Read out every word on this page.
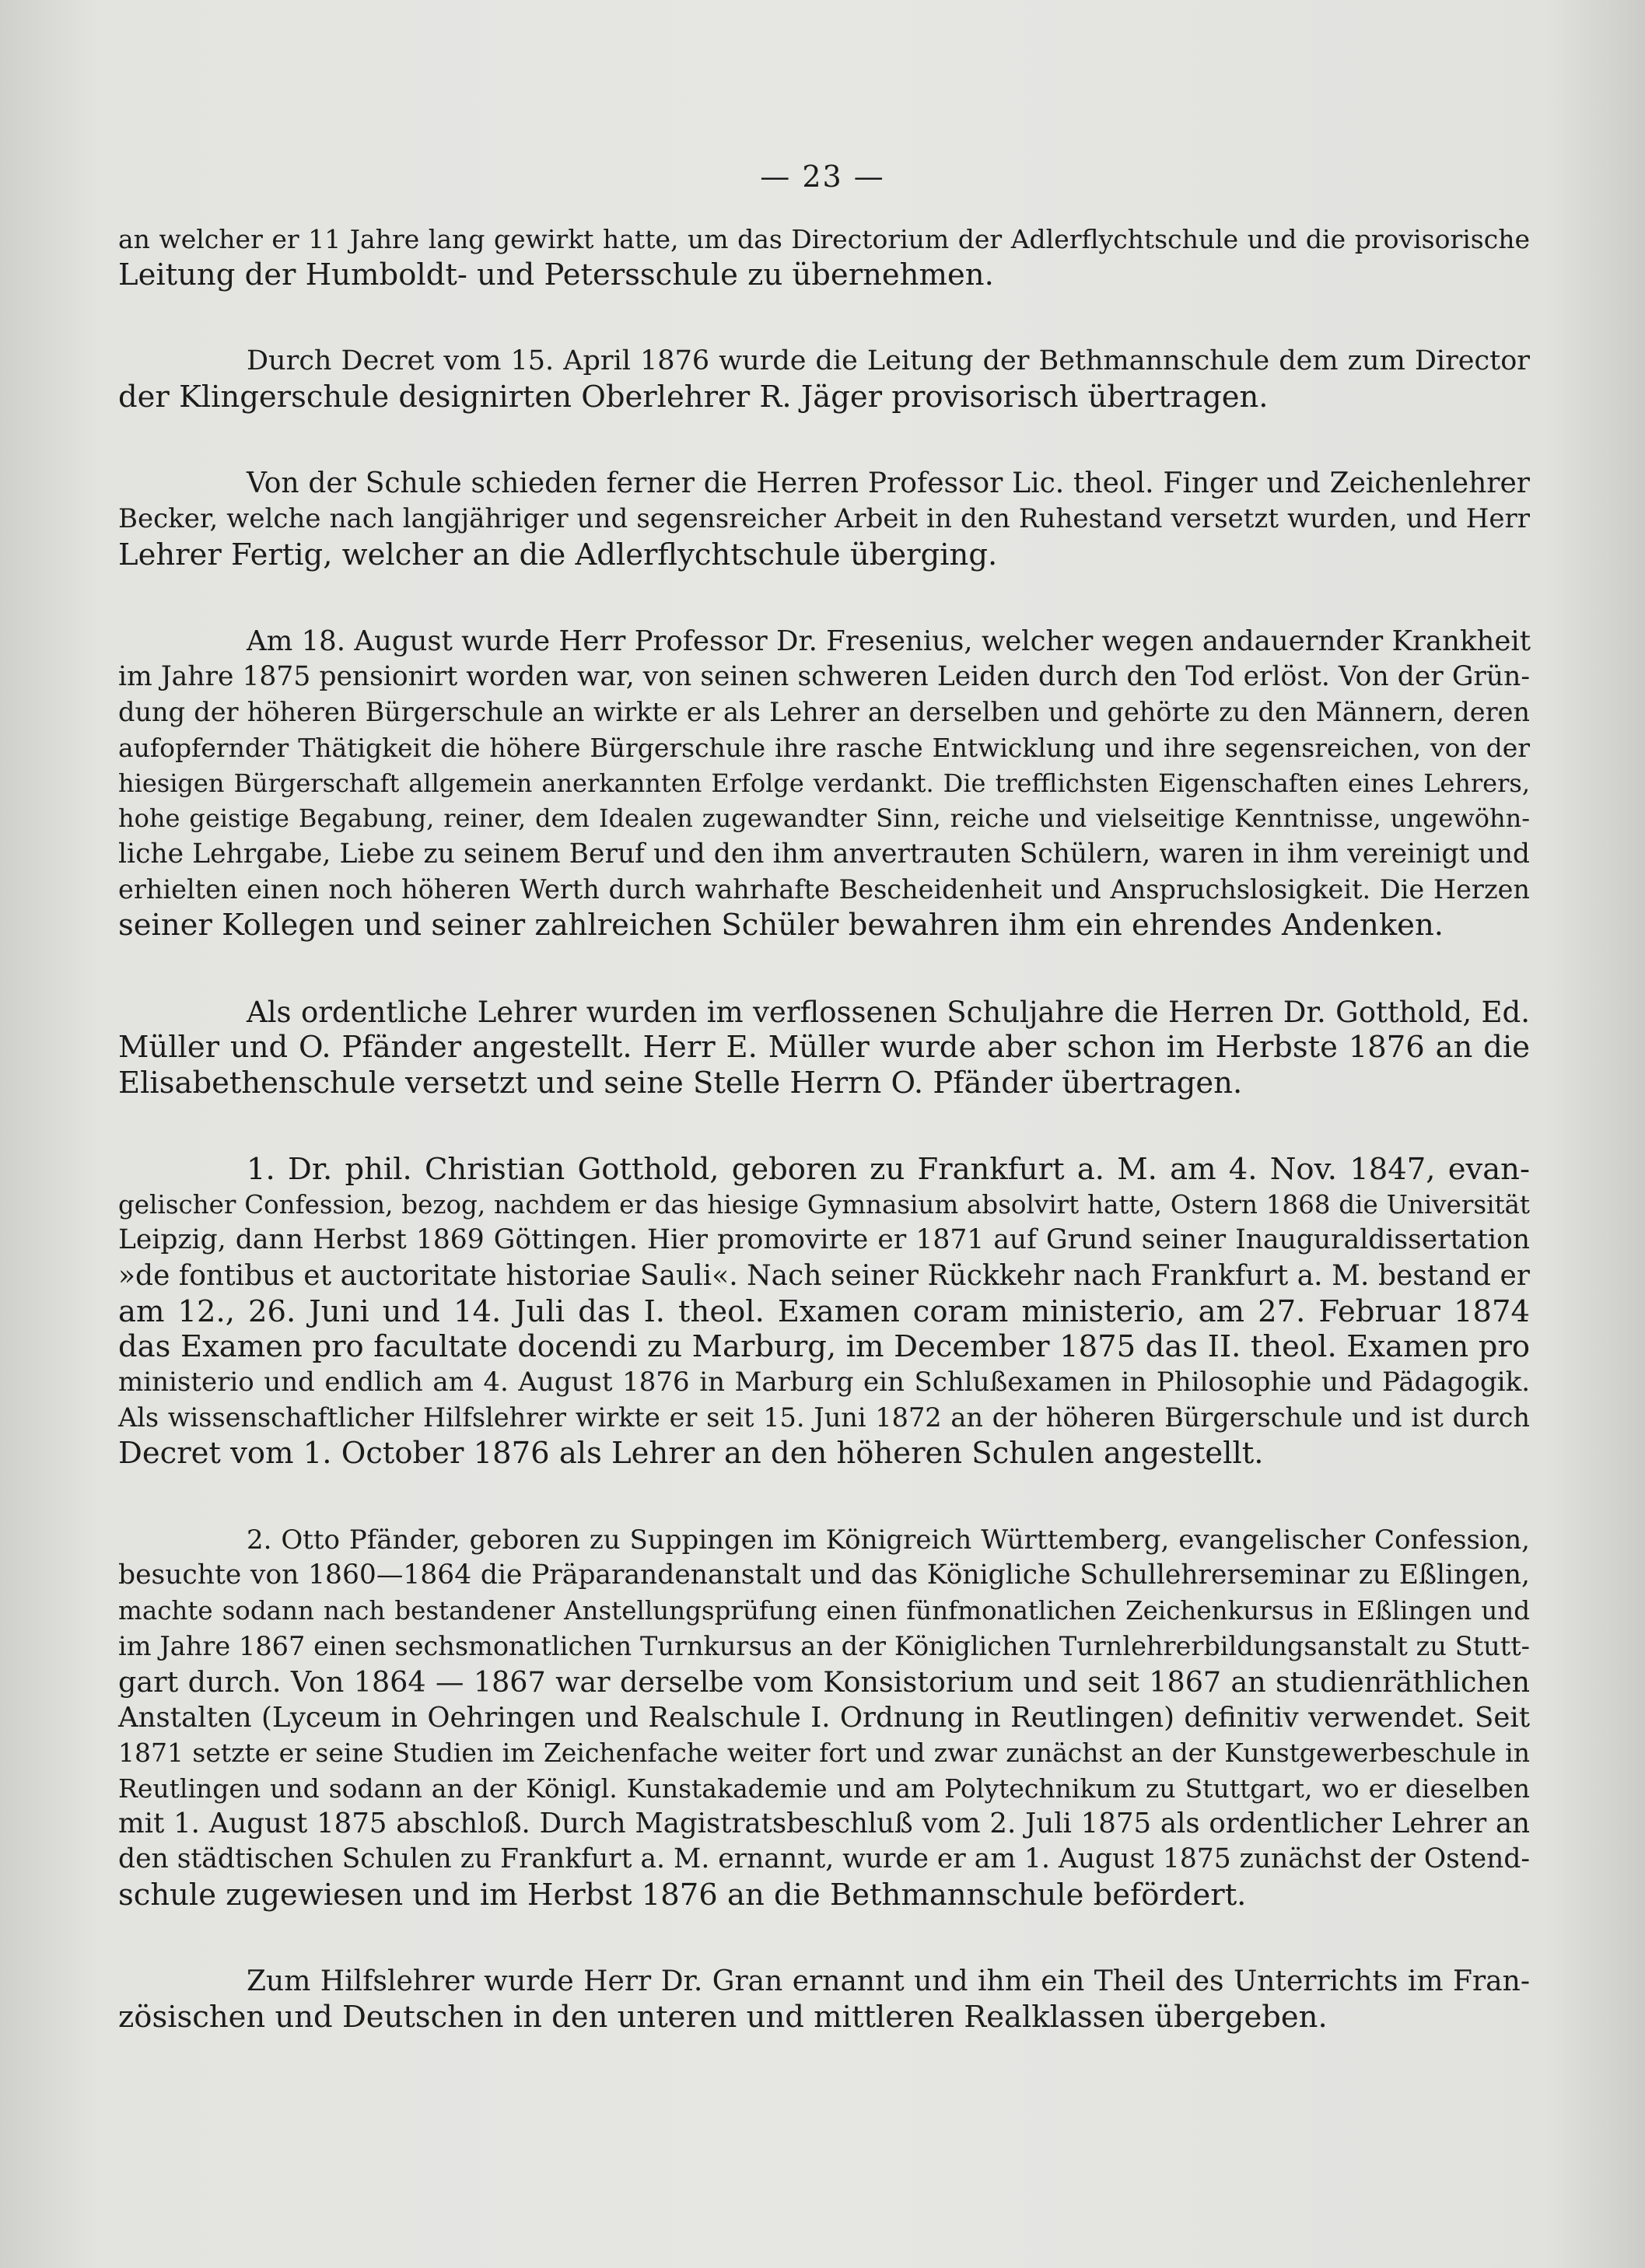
— 23 —
an welcher er 11 Jahre lang gewirkt hatte, um das Directorium der Adlerflychtschule und die provisorische
Leitung der Humboldt- und Petersschule zu übernehmen.
Durch Decret vom 15. April 1876 wurde die Leitung der Bethmannschule dem zum Director
der Klingerschule designirten Oberlehrer R. Jäger provisorisch übertragen.
Von der Schule schieden ferner die Herren Professor Lic. theol. Finger und Zeichenlehrer
Becker, welche nach langjähriger und segensreicher Arbeit in den Ruhestand versetzt wurden, und Herr
Lehrer Fertig, welcher an die Adlerflychtschule überging.
Am 18. August wurde Herr Professor Dr. Fresenius, welcher wegen andauernder Krankheit
im Jahre 1875 pensionirt worden war, von seinen schweren Leiden durch den Tod erlöst. Von der Grün-
dung der höheren Bürgerschule an wirkte er als Lehrer an derselben und gehörte zu den Männern, deren
aufopfernder Thätigkeit die höhere Bürgerschule ihre rasche Entwicklung und ihre segensreichen, von der
hiesigen Bürgerschaft allgemein anerkannten Erfolge verdankt. Die trefflichsten Eigenschaften eines Lehrers,
hohe geistige Begabung, reiner, dem Idealen zugewandter Sinn, reiche und vielseitige Kenntnisse, ungewöhn-
liche Lehrgabe, Liebe zu seinem Beruf und den ihm anvertrauten Schülern, waren in ihm vereinigt und
erhielten einen noch höheren Werth durch wahrhafte Bescheidenheit und Anspruchslosigkeit. Die Herzen
seiner Kollegen und seiner zahlreichen Schüler bewahren ihm ein ehrendes Andenken.
Als ordentliche Lehrer wurden im verflossenen Schuljahre die Herren Dr. Gotthold, Ed.
Müller und O. Pfänder angestellt. Herr E. Müller wurde aber schon im Herbste 1876 an die
Elisabethenschule versetzt und seine Stelle Herrn O. Pfänder übertragen.
1. Dr. phil. Christian Gotthold, geboren zu Frankfurt a. M. am 4. Nov. 1847, evan-
gelischer Confession, bezog, nachdem er das hiesige Gymnasium absolvirt hatte, Ostern 1868 die Universität
Leipzig, dann Herbst 1869 Göttingen. Hier promovirte er 1871 auf Grund seiner Inauguraldissertation
»de fontibus et auctoritate historiae Sauli«. Nach seiner Rückkehr nach Frankfurt a. M. bestand er
am 12., 26. Juni und 14. Juli das I. theol. Examen coram ministerio, am 27. Februar 1874
das Examen pro facultate docendi zu Marburg, im December 1875 das II. theol. Examen pro
ministerio und endlich am 4. August 1876 in Marburg ein Schlußexamen in Philosophie und Pädagogik.
Als wissenschaftlicher Hilfslehrer wirkte er seit 15. Juni 1872 an der höheren Bürgerschule und ist durch
Decret vom 1. October 1876 als Lehrer an den höheren Schulen angestellt.
2. Otto Pfänder, geboren zu Suppingen im Königreich Württemberg, evangelischer Confession,
besuchte von 1860—1864 die Präparandenanstalt und das Königliche Schullehrerseminar zu Eßlingen,
machte sodann nach bestandener Anstellungsprüfung einen fünfmonatlichen Zeichenkursus in Eßlingen und
im Jahre 1867 einen sechsmonatlichen Turnkursus an der Königlichen Turnlehrerbildungsanstalt zu Stutt-
gart durch. Von 1864 — 1867 war derselbe vom Konsistorium und seit 1867 an studienräthlichen
Anstalten (Lyceum in Oehringen und Realschule I. Ordnung in Reutlingen) definitiv verwendet. Seit
1871 setzte er seine Studien im Zeichenfache weiter fort und zwar zunächst an der Kunstgewerbeschule in
Reutlingen und sodann an der Königl. Kunstakademie und am Polytechnikum zu Stuttgart, wo er dieselben
mit 1. August 1875 abschloß. Durch Magistratsbeschluß vom 2. Juli 1875 als ordentlicher Lehrer an
den städtischen Schulen zu Frankfurt a. M. ernannt, wurde er am 1. August 1875 zunächst der Ostend-
schule zugewiesen und im Herbst 1876 an die Bethmannschule befördert.
Zum Hilfslehrer wurde Herr Dr. Gran ernannt und ihm ein Theil des Unterrichts im Fran-
zösischen und Deutschen in den unteren und mittleren Realklassen übergeben.
